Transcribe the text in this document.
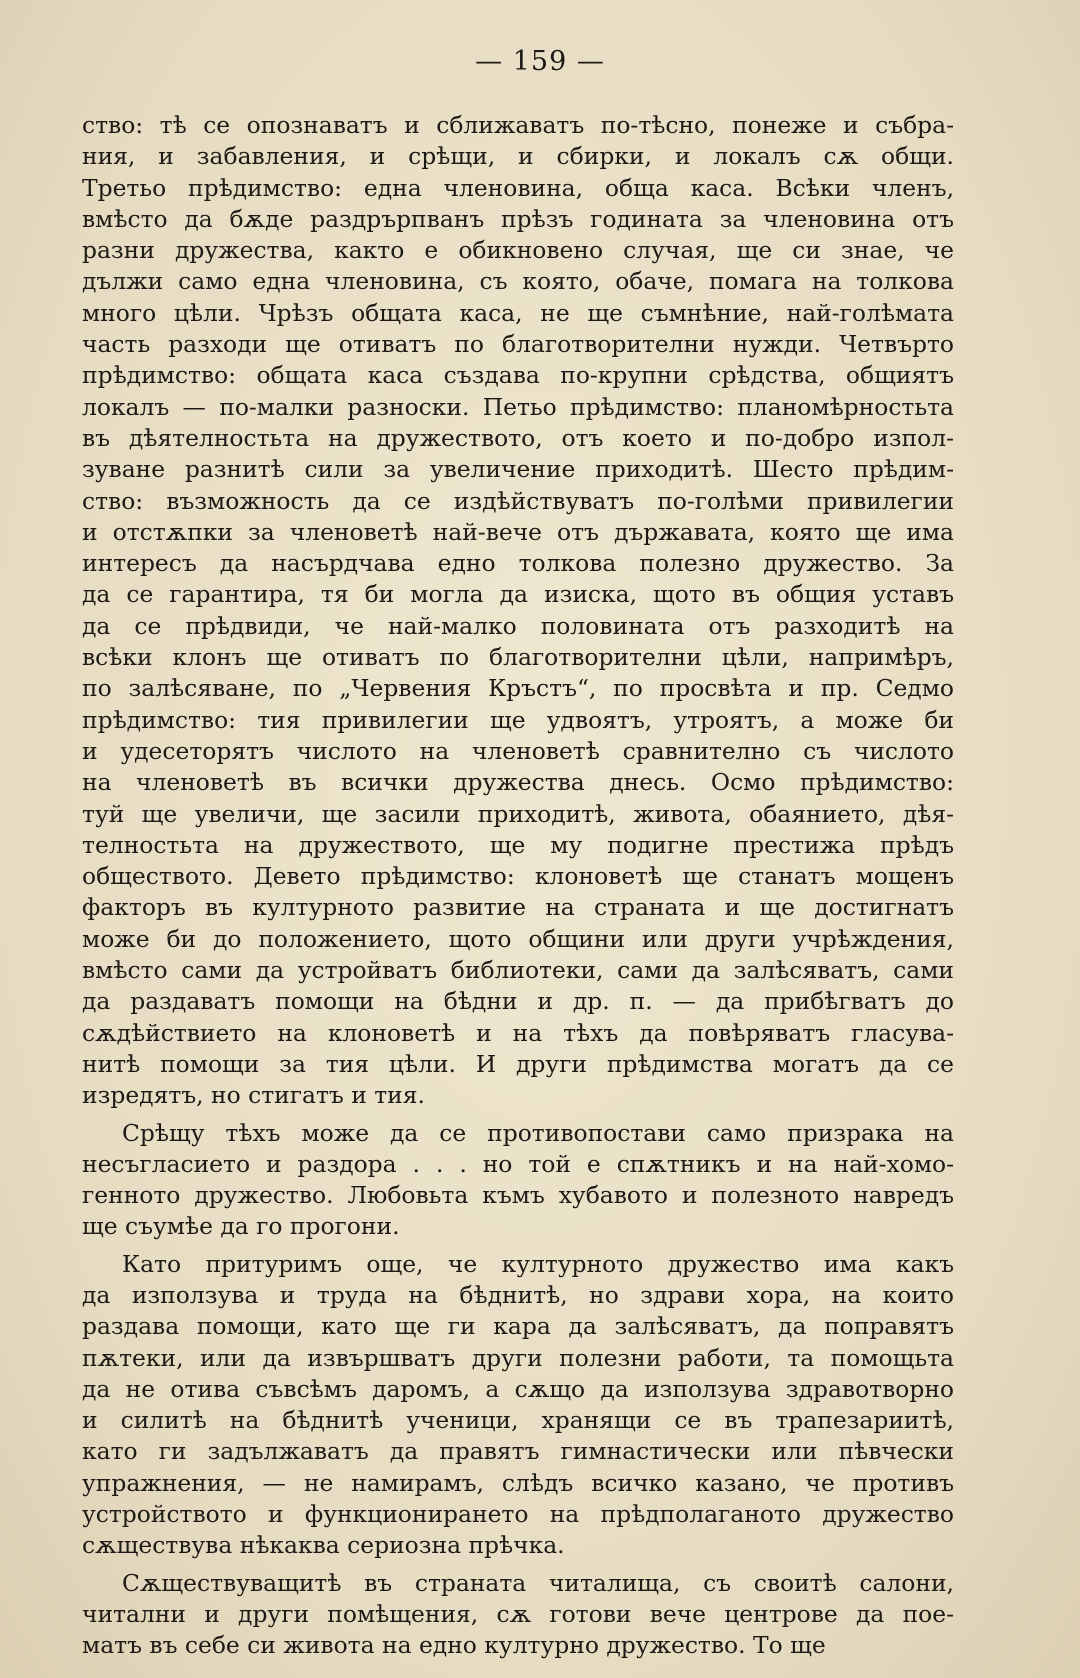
— 159 —
ство: тѣ се опознаватъ и сближаватъ по-тѣсно, понеже и събра-
ния, и забавления, и срѣщи, и сбирки, и локалъ сѫ общи.
Третьо прѣдимство: една членовина, обща каса. Всѣки членъ,
вмѣсто да бѫде раздрърпванъ прѣзъ годината за членовина отъ
разни дружества, както е обикновено случая, ще си знае, че
дължи само една членовина, съ която, обаче, помага на толкова
много цѣли. Чрѣзъ общата каса, не ще съмнѣние, най-голѣмата
часть разходи ще отиватъ по благотворителни нужди. Четвърто
прѣдимство: общата каса създава по-крупни срѣдства, общиятъ
локалъ — по-малки разноски. Петьо прѣдимство: планомѣрностьта
въ дѣятелностьта на дружеството, отъ което и по-добро изпол-
зуване разнитѣ сили за увеличение приходитѣ. Шесто прѣдим-
ство: възможность да се издѣйствуватъ по-голѣми привилегии
и отстѫпки за членоветѣ най-вече отъ държавата, която ще има
интересъ да насърдчава едно толкова полезно дружество. За
да се гарантира, тя би могла да изиска, щото въ общия уставъ
да се прѣдвиди, че най-малко половината отъ разходитѣ на
всѣки клонъ ще отиватъ по благотворителни цѣли, напримѣръ,
по залѣсяване, по „Червения Кръстъ“, по просвѣта и пр. Седмо
прѣдимство: тия привилегии ще удвоятъ, утроятъ, а може би
и удесеторятъ числото на членоветѣ сравнително съ числото
на членоветѣ въ всички дружества днесь. Осмо прѣдимство:
туй ще увеличи, ще засили приходитѣ, живота, обаянието, дѣя-
телностьта на дружеството, ще му подигне престижа прѣдъ
обществото. Девето прѣдимство: клоноветѣ ще станатъ мощенъ
факторъ въ културното развитие на страната и ще достигнатъ
може би до положението, щото общини или други учрѣждения,
вмѣсто сами да устройватъ библиотеки, сами да залѣсяватъ, сами
да раздаватъ помощи на бѣдни и др. п. — да прибѣгватъ до
сѫдѣйствието на клоноветѣ и на тѣхъ да повѣряватъ гласува-
нитѣ помощи за тия цѣли. И други прѣдимства могатъ да се
изредятъ, но стигатъ и тия.
Срѣщу тѣхъ може да се противопостави само призрака на
несъгласието и раздора . . . но той е спѫтникъ и на най-хомо-
генното дружество. Любовьта къмъ хубавото и полезното навредъ
ще съумѣе да го прогони.
Като притуримъ още, че културното дружество има какъ
да използува и труда на бѣднитѣ, но здрави хора, на които
раздава помощи, като ще ги кара да залѣсяватъ, да поправятъ
пѫтеки, или да извършватъ други полезни работи, та помощьта
да не отива съвсѣмъ даромъ, а сѫщо да използува здравотворно
и силитѣ на бѣднитѣ ученици, хранящи се въ трапезариитѣ,
като ги задължаватъ да правятъ гимнастически или пѣвчески
упражнения, — не намирамъ, слѣдъ всичко казано, че противъ
устройството и функционирането на прѣдполаганото дружество
сѫществува нѣкаква сериозна прѣчка.
Сѫществуващитѣ въ страната читалища, съ своитѣ салони,
читални и други помѣщения, сѫ готови вече центрове да пое-
матъ въ себе си живота на едно културно дружество. То ще
